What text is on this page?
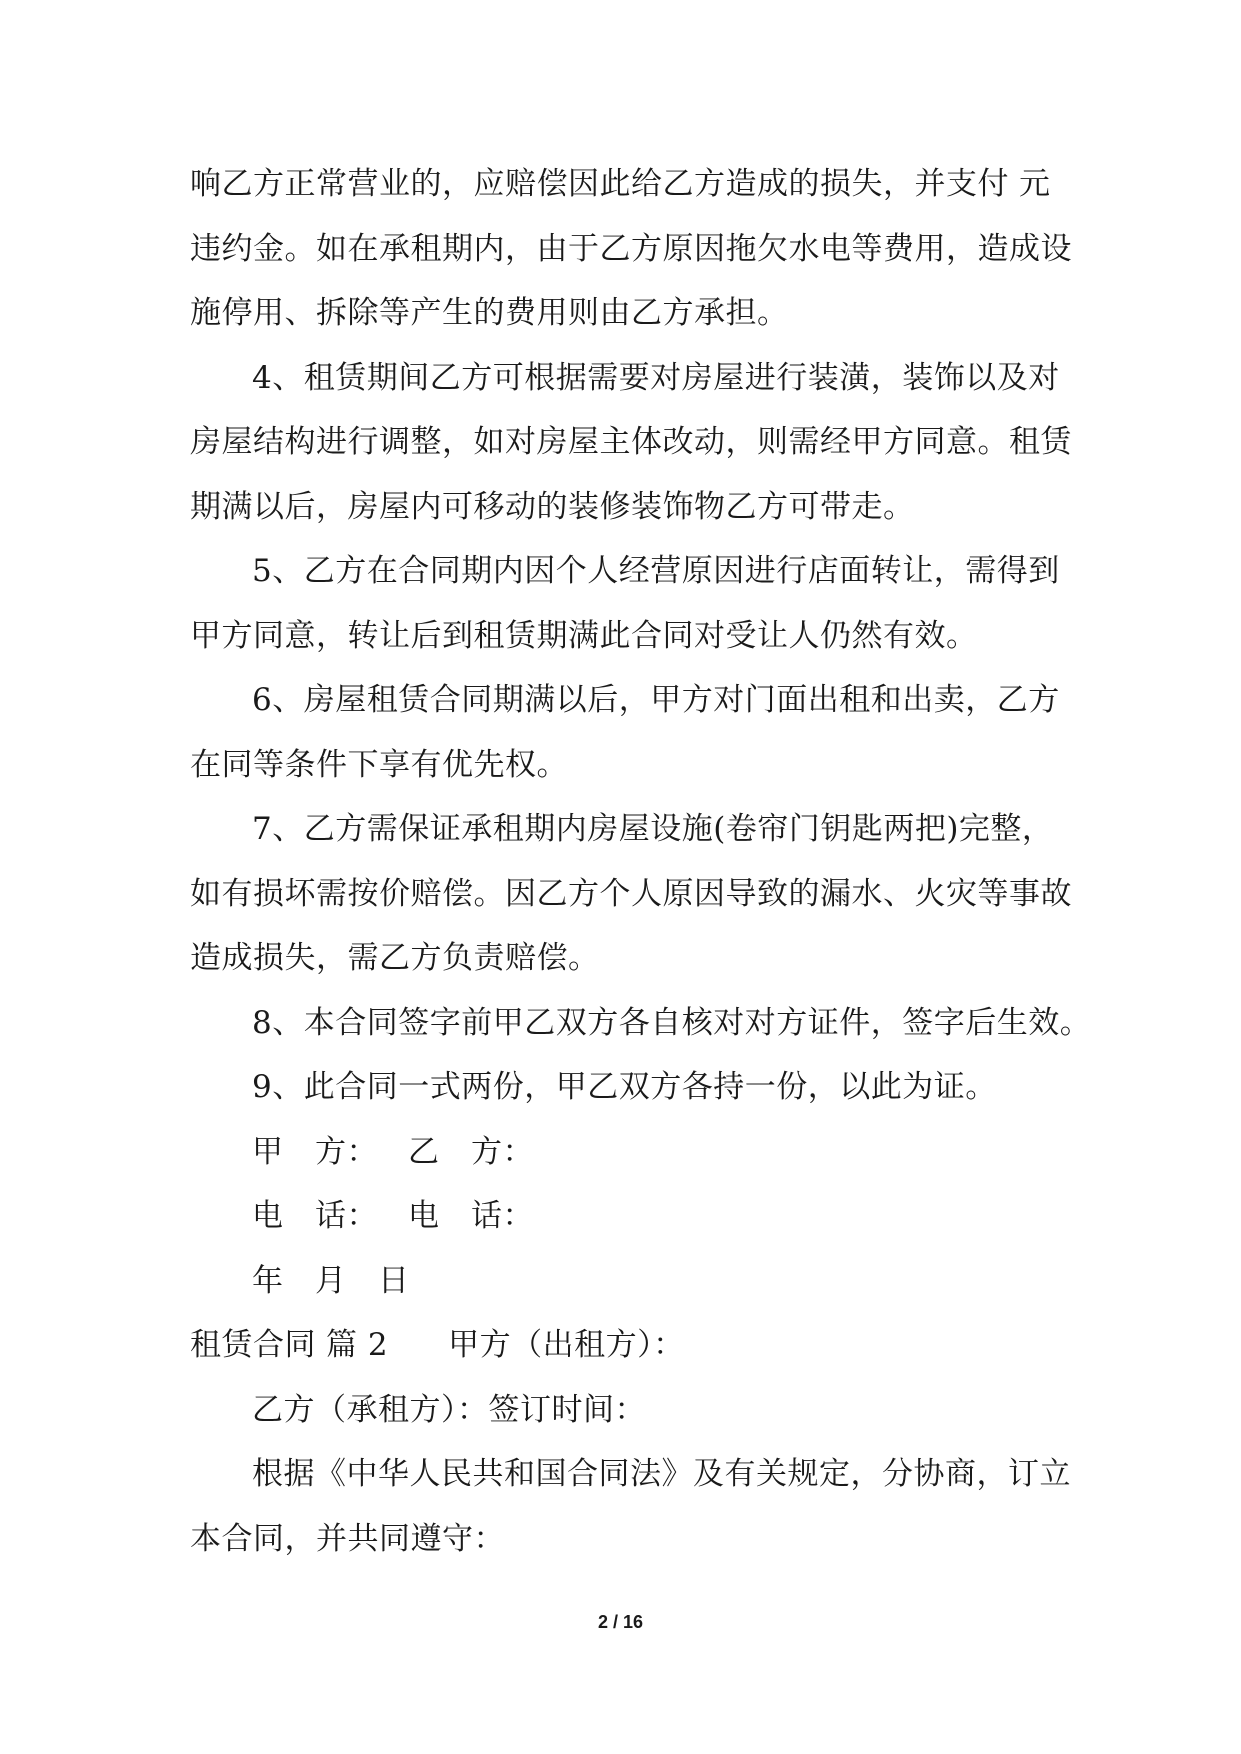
响乙方正常营业的，应赔偿因此给乙方造成的损失，并支付 元
违约金。如在承租期内，由于乙方原因拖欠水电等费用，造成设
施停用、拆除等产生的费用则由乙方承担。
4、租赁期间乙方可根据需要对房屋进行装潢，装饰以及对
房屋结构进行调整，如对房屋主体改动，则需经甲方同意。租赁
期满以后，房屋内可移动的装修装饰物乙方可带走。
5、乙方在合同期内因个人经营原因进行店面转让，需得到
甲方同意，转让后到租赁期满此合同对受让人仍然有效。
6、房屋租赁合同期满以后，甲方对门面出租和出卖，乙方
在同等条件下享有优先权。
7、乙方需保证承租期内房屋设施(卷帘门钥匙两把)完整，
如有损坏需按价赔偿。因乙方个人原因导致的漏水、火灾等事故
造成损失，需乙方负责赔偿。
8、本合同签字前甲乙双方各自核对对方证件，签字后生效。
9、此合同一式两份，甲乙双方各持一份，以此为证。
甲　方： 乙　方：
电　话： 电　话：
年　月　日
租赁合同 篇 2 甲方（出租方）：
乙方（承租方）：签订时间：
根据《中华人民共和国合同法》及有关规定，分协商，订立
本合同，并共同遵守：
2 / 16
